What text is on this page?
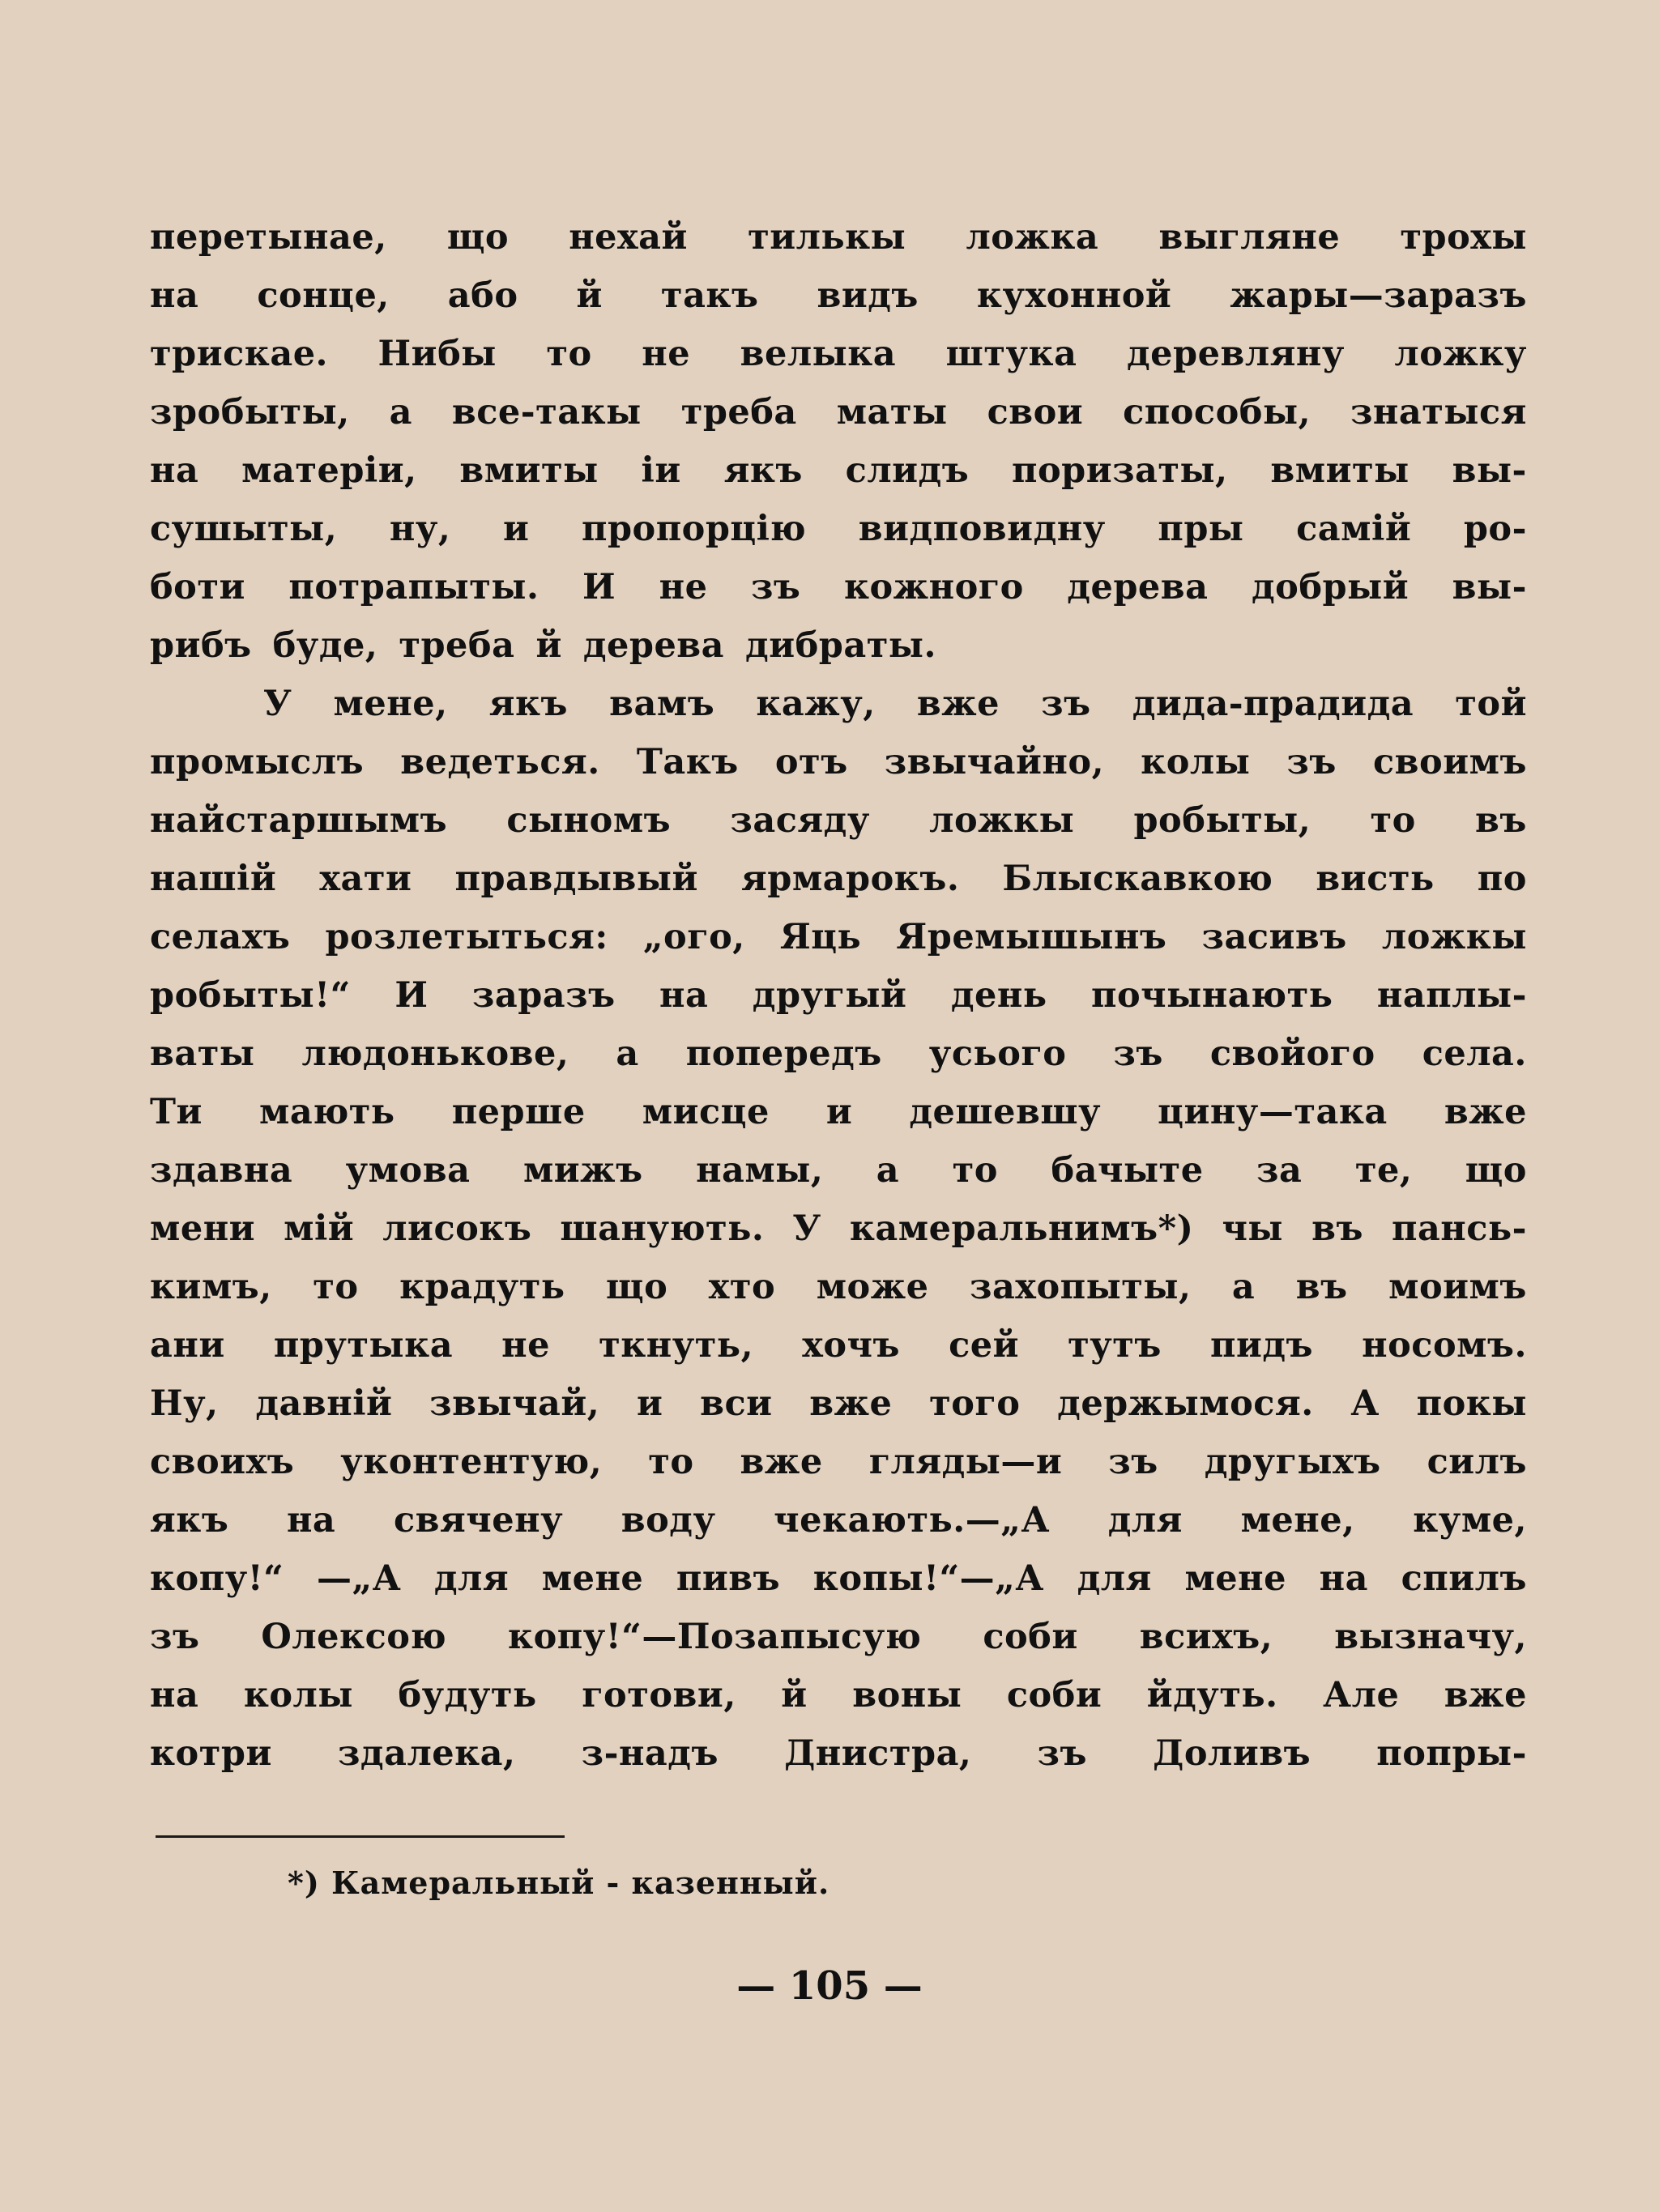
перетынаe, що нехай тилькы ложка выгляне трохы
на сонце, або й такъ видъ кухонной жары—заразъ
трискае. Нибы то не велыка штука деревляну ложку
зробыты, а все-такы треба маты свои способы, знатыся
на матерiи, вмиты iи якъ слидъ поризаты, вмиты вы-
сушыты, ну, и пропорцiю видповидну пры самiй ро-
боти потрапыты. И не зъ кожного дерева добрый вы-
рибъ буде, треба й дерева дибраты.
У мене, якъ вамъ кажу, вже зъ дида-прадида той
промыслъ ведеться. Такъ отъ звычайно, колы зъ своимъ
найстаршымъ сыномъ засяду ложкы робыты, то въ
нашiй хати правдывый ярмарокъ. Блыскавкою висть по
селахъ розлетыться: „ого, Яць Яремышынъ засивъ ложкы
робыты!“ И заразъ на другый день почынають наплы-
ваты людонькове, а попередъ усього зъ свойого села.
Ти мають перше мисце и дешевшу цину—така вже
здавна умова мижъ намы, а то бачыте за те, що
мени мiй лисокъ шанують. У камеральнимъ*) чы въ пансь-
кимъ, то крадуть що хто може захопыты, а въ моимъ
ани прутыка не ткнуть, хочъ сей тутъ пидъ носомъ.
Ну, давнiй звычай, и вси вже того держымося. А покы
своихъ уконтентую, то вже гляды—и зъ другыхъ силъ
якъ на свячену воду чекають.—„А для мене, куме,
копу!“ —„А для мене пивъ копы!“—„А для мене на спилъ
зъ Олексою копу!“—Позапысую соби всихъ, вызначу,
на колы будуть готови, й воны соби йдуть. Але вже
котри здалека, з-надъ Днистра, зъ Доливъ попры-
*) Камеральный - казенный.
— 105 —
